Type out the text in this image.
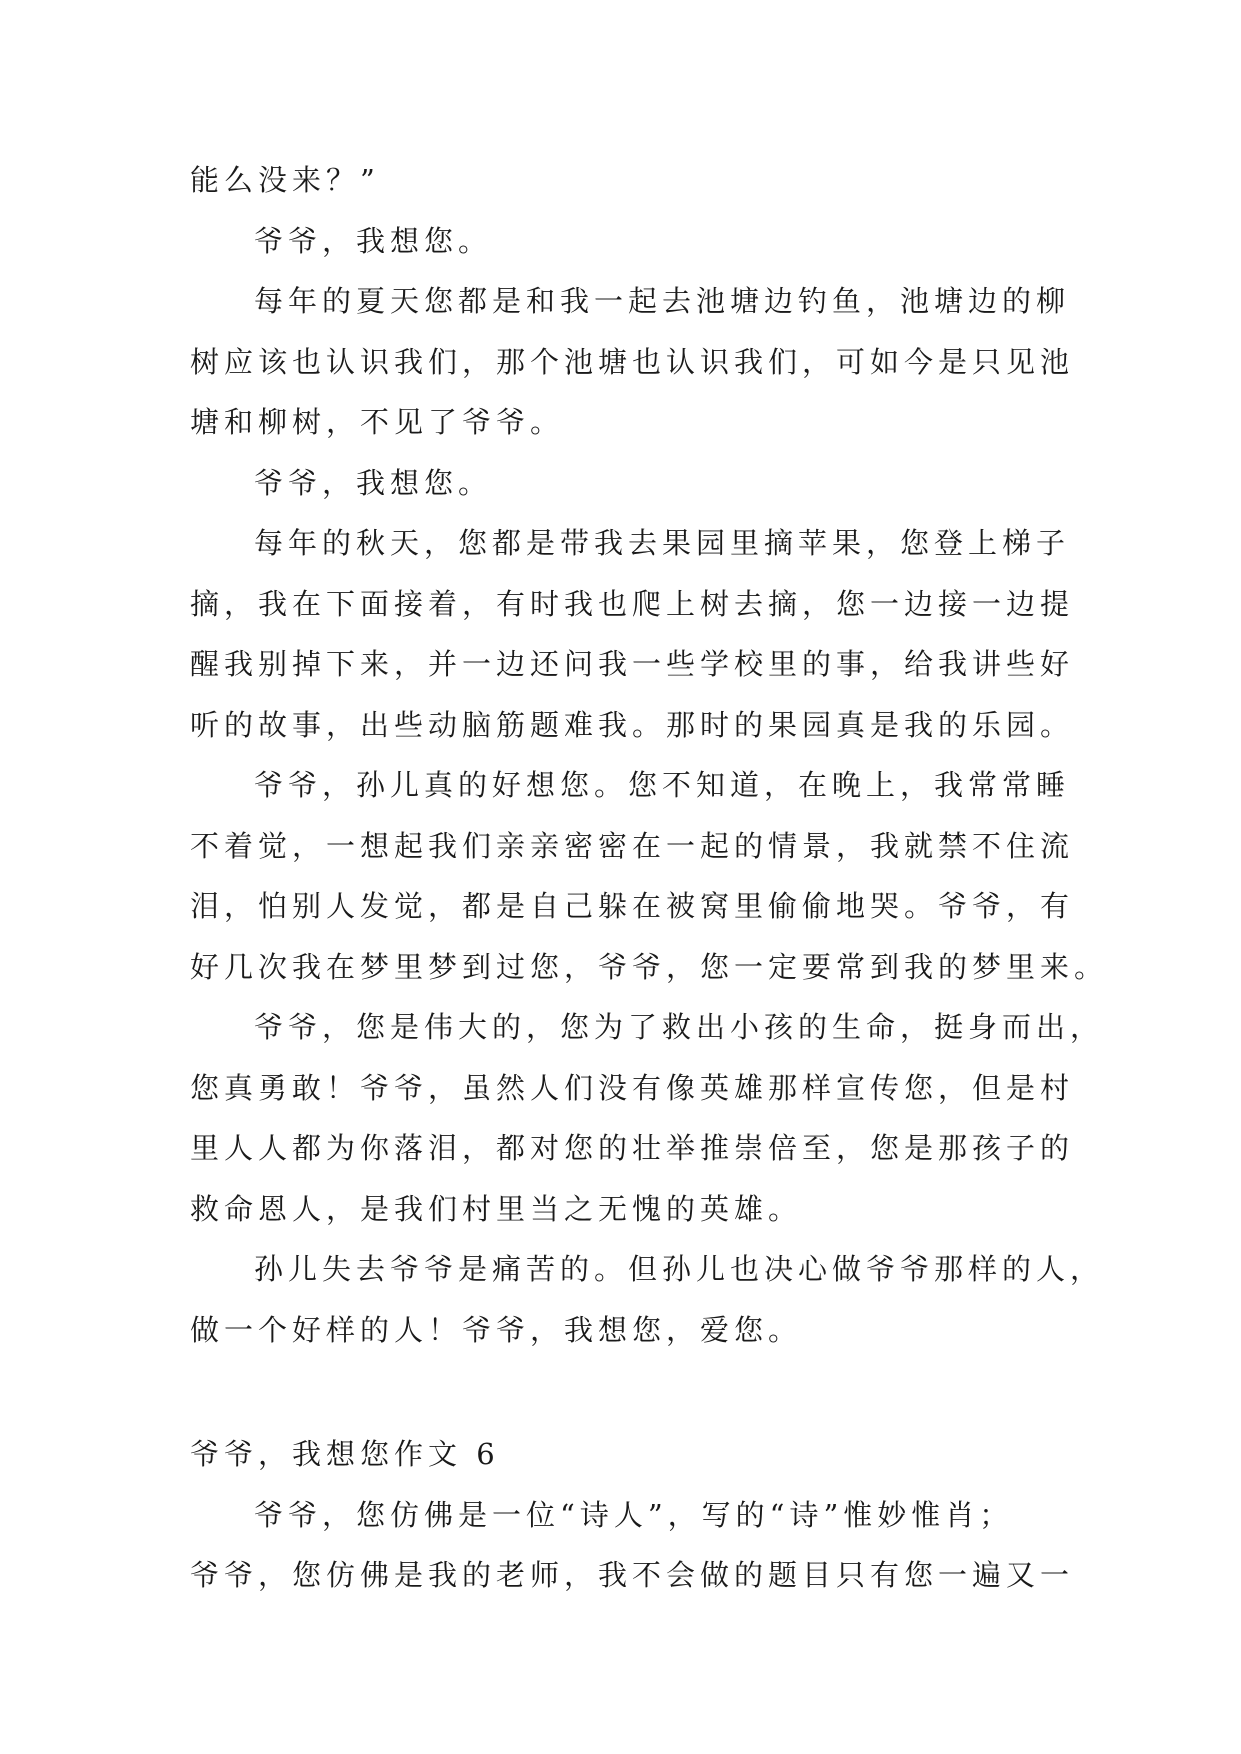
能么没来？”
爷爷，我想您。
每年的夏天您都是和我一起去池塘边钓鱼，池塘边的柳
树应该也认识我们，那个池塘也认识我们，可如今是只见池
塘和柳树，不见了爷爷。
爷爷，我想您。
每年的秋天，您都是带我去果园里摘苹果，您登上梯子
摘，我在下面接着，有时我也爬上树去摘，您一边接一边提
醒我别掉下来，并一边还问我一些学校里的事，给我讲些好
听的故事，出些动脑筋题难我。那时的果园真是我的乐园。
爷爷，孙儿真的好想您。您不知道，在晚上，我常常睡
不着觉，一想起我们亲亲密密在一起的情景，我就禁不住流
泪，怕别人发觉，都是自己躲在被窝里偷偷地哭。爷爷，有
好几次我在梦里梦到过您，爷爷，您一定要常到我的梦里来。
爷爷，您是伟大的，您为了救出小孩的生命，挺身而出，
您真勇敢！爷爷，虽然人们没有像英雄那样宣传您，但是村
里人人都为你落泪，都对您的壮举推崇倍至，您是那孩子的
救命恩人，是我们村里当之无愧的英雄。
孙儿失去爷爷是痛苦的。但孙儿也决心做爷爷那样的人，
做一个好样的人！爷爷，我想您，爱您。
爷爷，我想您作文 6
爷爷，您仿佛是一位“诗人”，写的“诗”惟妙惟肖；
爷爷，您仿佛是我的老师，我不会做的题目只有您一遍又一
